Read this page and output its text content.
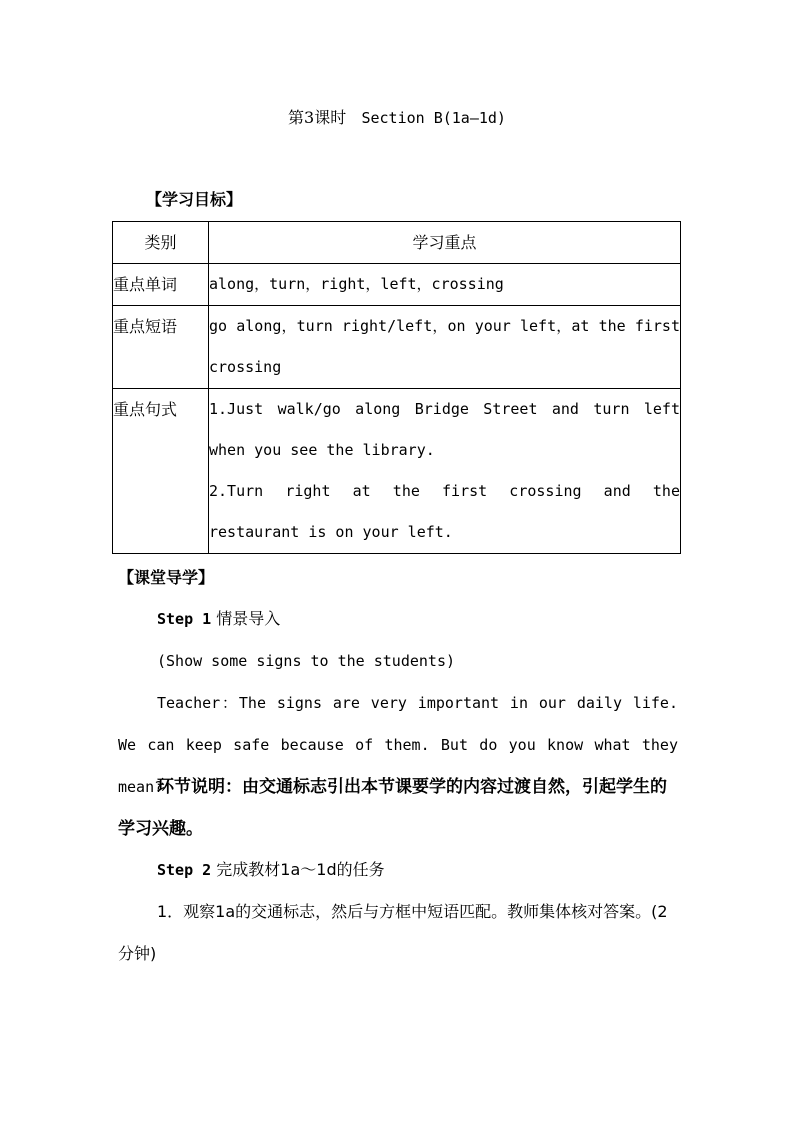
第3课时 Section B(1a—1d)
【学习目标】
类别	学习重点
重点单词	along，turn，right，left，crossing

重点短语	go along，turn right/left，on your left，at the first crossing

重点句式	1.Just walk/go along Bridge Street and turn left when you see the library.

2.Turn right at the first crossing and the restaurant is on your left.

【课堂导学】
Step 1 情景导入
(Show some signs to the students)
Teacher：The signs are very important in our daily life. We can keep safe because of them. But do you know what they mean?
环节说明：由交通标志引出本节课要学的内容过渡自然，引起学生的学习兴趣。
Step 2 完成教材1a～1d的任务
1．观察1a的交通标志，然后与方框中短语匹配。教师集体核对答案。(2分钟)
